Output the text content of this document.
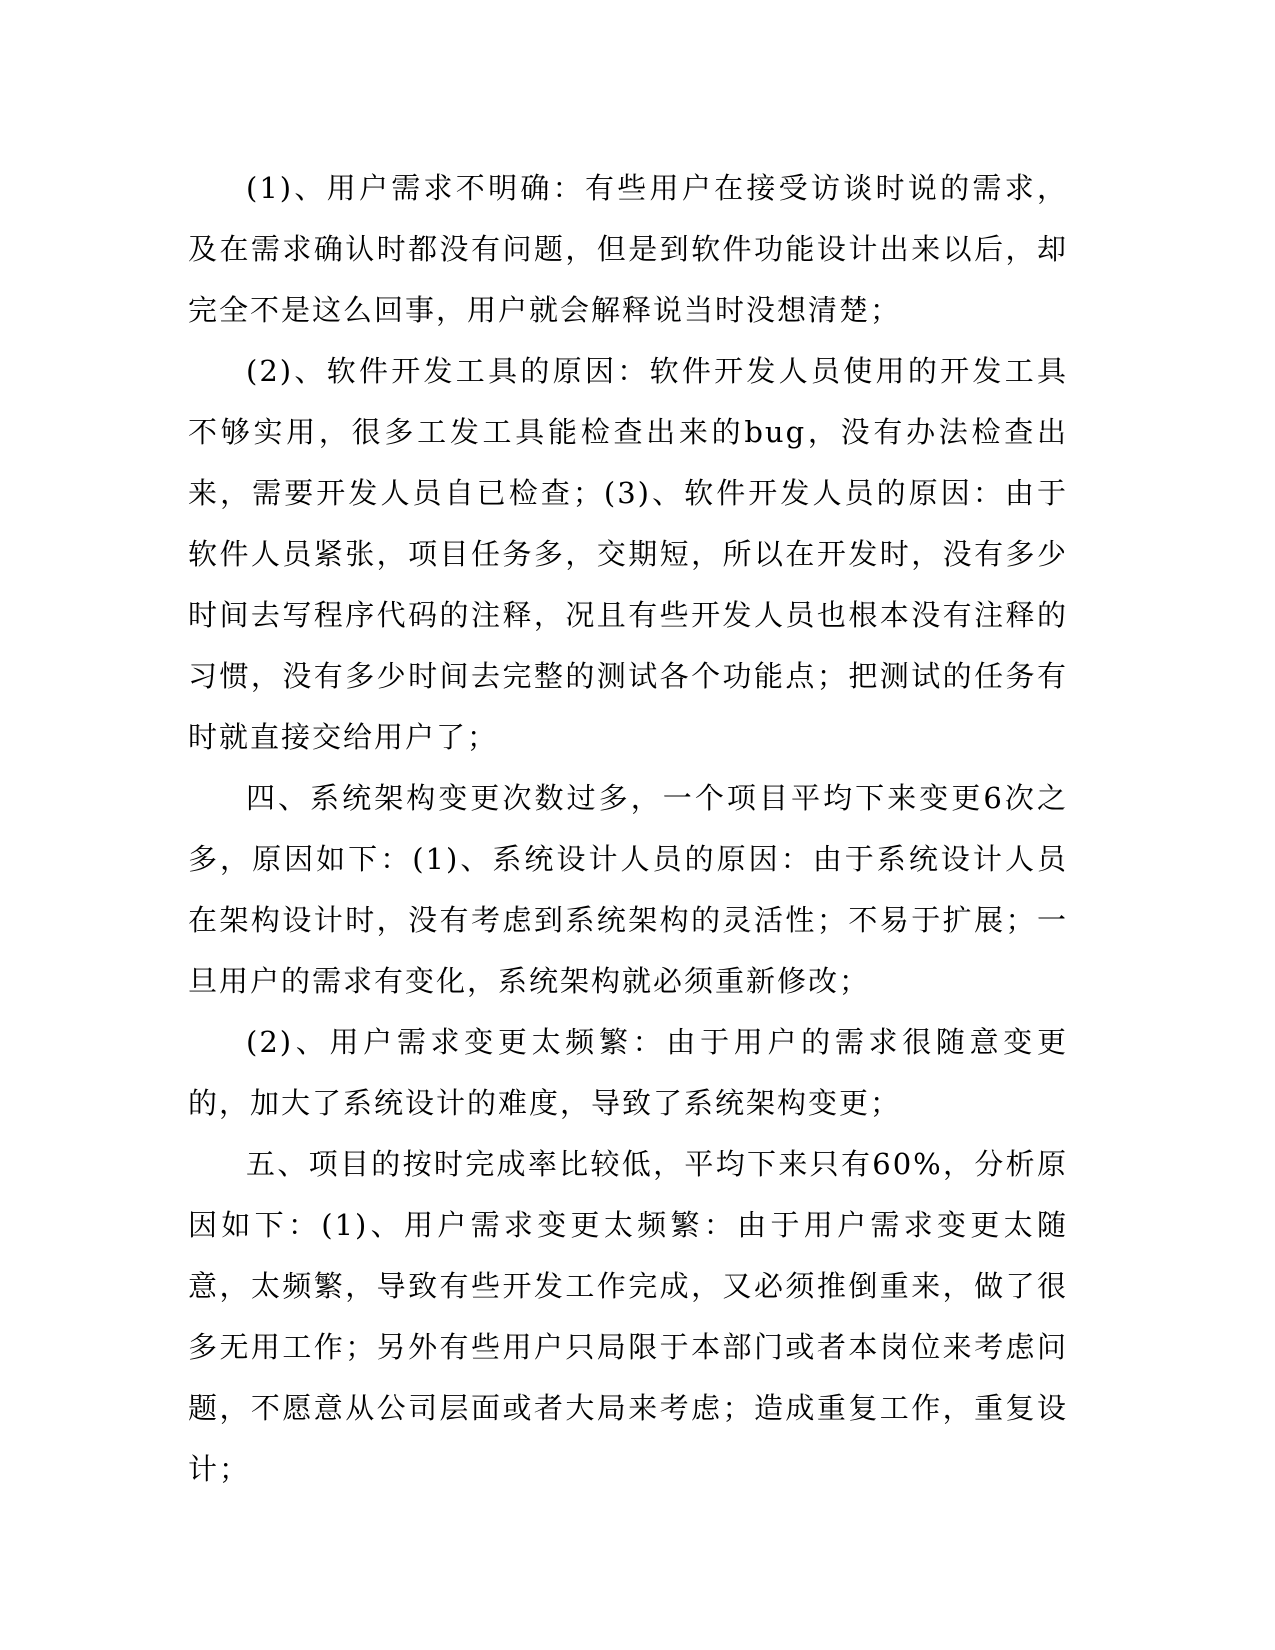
(1)、用户需求不明确：有些用户在接受访谈时说的需求，及在需求确认时都没有问题，但是到软件功能设计出来以后，却完全不是这么回事，用户就会解释说当时没想清楚；

(2)、软件开发工具的原因：软件开发人员使用的开发工具不够实用，很多工发工具能检查出来的bug，没有办法检查出来，需要开发人员自已检查；(3)、软件开发人员的原因：由于软件人员紧张，项目任务多，交期短，所以在开发时，没有多少时间去写程序代码的注释，况且有些开发人员也根本没有注释的习惯，没有多少时间去完整的测试各个功能点；把测试的任务有时就直接交给用户了；

四、系统架构变更次数过多，一个项目平均下来变更6次之多，原因如下：(1)、系统设计人员的原因：由于系统设计人员在架构设计时，没有考虑到系统架构的灵活性；不易于扩展；一旦用户的需求有变化，系统架构就必须重新修改；

(2)、用户需求变更太频繁：由于用户的需求很随意变更的，加大了系统设计的难度，导致了系统架构变更；

五、项目的按时完成率比较低，平均下来只有60%，分析原因如下：(1)、用户需求变更太频繁：由于用户需求变更太随意，太频繁，导致有些开发工作完成，又必须推倒重来，做了很多无用工作；另外有些用户只局限于本部门或者本岗位来考虑问题，不愿意从公司层面或者大局来考虑；造成重复工作，重复设计；
